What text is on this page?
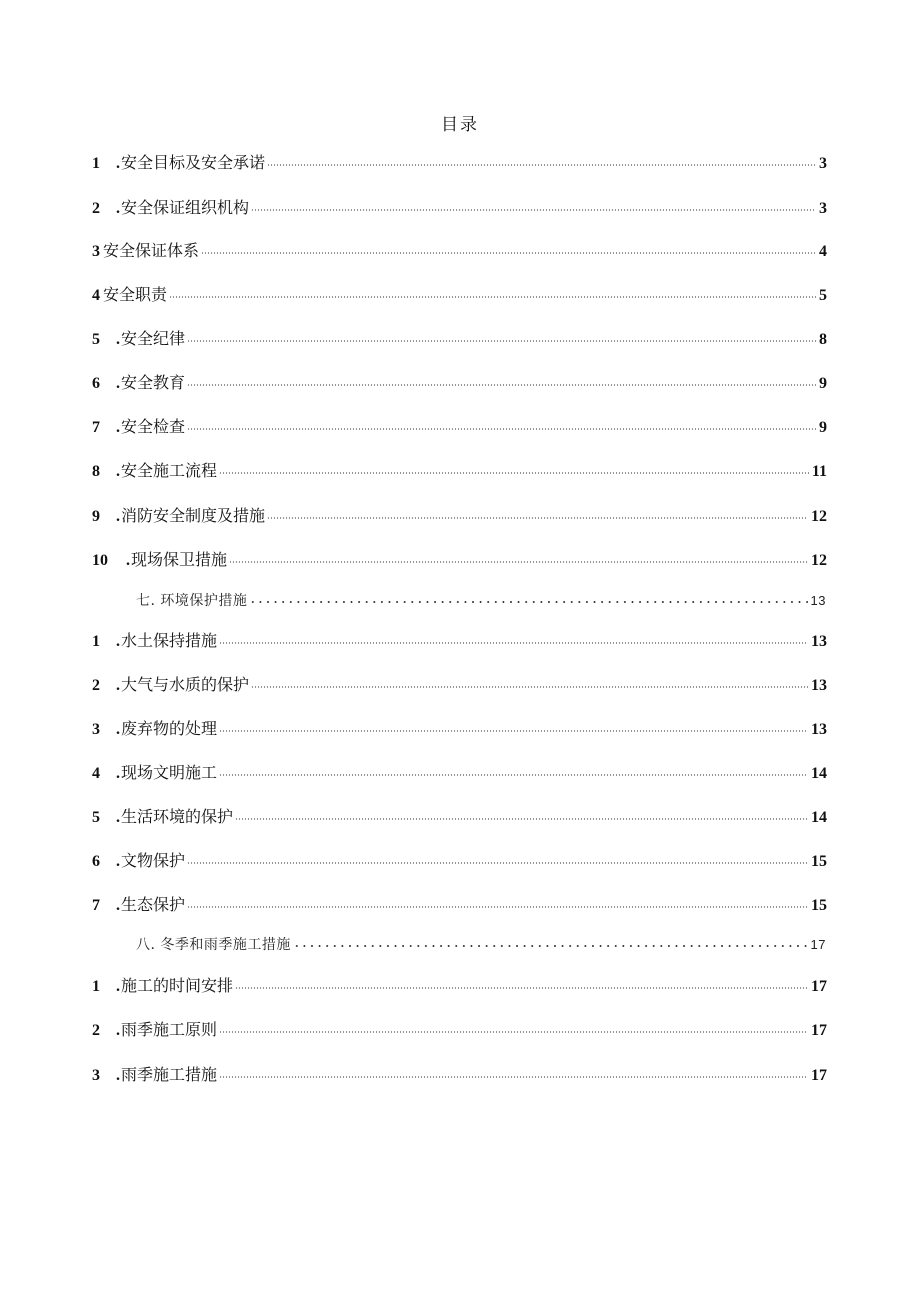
目录
1	. 安全目标及安全承诺	3
2	. 安全保证组织机构	3
3 安全保证体系	4
4 安全职责	5
5	. 安全纪律	8
6	. 安全教育	9
7	. 安全检查	9
8	. 安全施工流程	11
9	. 消防安全制度及措施	12
10	. 现场保卫措施	12
七. 环境保护措施	13
1	. 水土保持措施	13
2	. 大气与水质的保护	13
3	. 废弃物的处理	13
4	. 现场文明施工	14
5	. 生活环境的保护	14
6	. 文物保护	15
7	. 生态保护	15
八. 冬季和雨季施工措施	17
1	. 施工的时间安排	17
2	. 雨季施工原则	17
3	. 雨季施工措施	17
